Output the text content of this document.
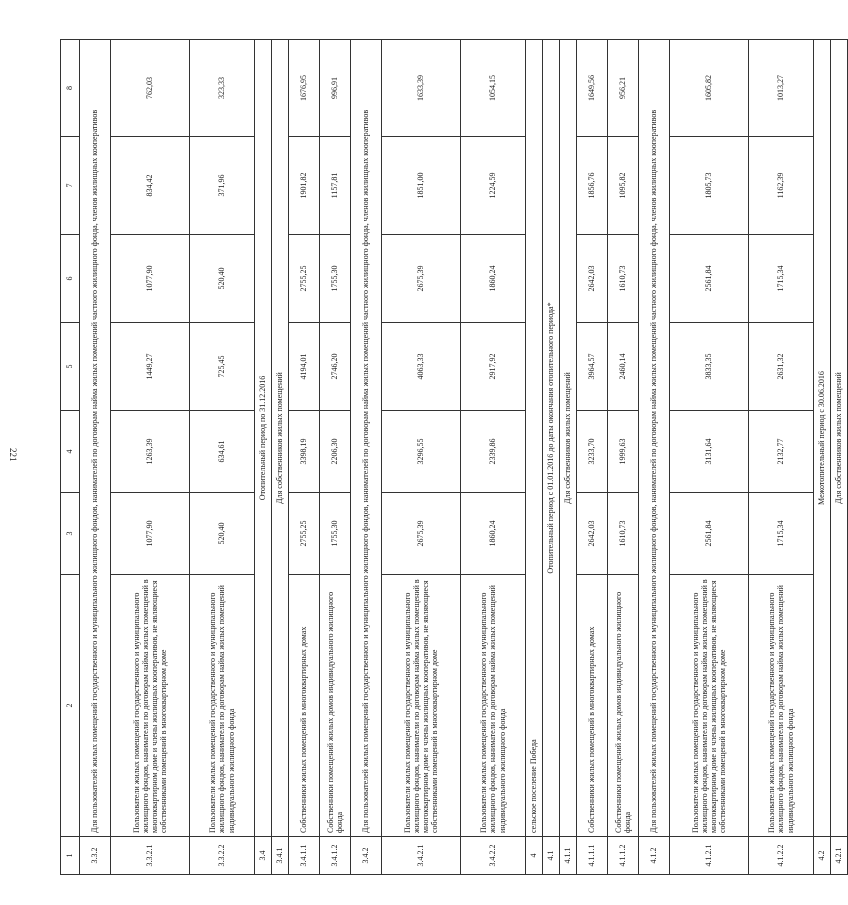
221
1	2	3	4	5	6	7	8
3.3.2	Для пользователей жилых помещений государственного и муниципального жилищного фондов, нанимателей по договорам найма жилых помещений частного жилищного фонда, членов жилищных кооперативов						
3.3.2.1	Пользователи жилых помещений государственного и муниципального жилищного фондов, наниматели по договорам найма жилых помещений в многоквартирном доме и члены жилищных кооперативов, не являющиеся собственниками помещений в многоквартирном доме	1077,90	1263,39	1449,27	1077,90	834,42	762,03
3.3.2.2	Пользователи жилых помещений государственного и муниципального жилищного фондов, наниматели по договорам найма жилых помещений индивидуального жилищного фонда	520,40	634,61	725,45	520,40	371,96	323,33
3.4	Отопительный период по 31.12.2016						
3.4.1	Для собственников жилых помещений						
3.4.1.1	Собственники жилых помещений в многоквартирных домах	2755,25	3398,19	4194,01	2755,25	1901,82	1676,95
3.4.1.2	Собственники помещений жилых домов индивидуального жилищного фонда	1755,30	2206,30	2746,20	1755,30	1157,81	996,91
3.4.2	Для пользователей жилых помещений государственного и муниципального жилищного фондов, нанимателей по договорам найма жилых помещений частного жилищного фонда, членов жилищных кооперативов						
3.4.2.1	Пользователи жилых помещений государственного и муниципального жилищного фондов, наниматели по договорам найма жилых помещений в многоквартирном доме и члены жилищных кооперативов, не являющиеся собственниками помещений в многоквартирном доме	2675,39	3296,55	4063,33	2675,39	1851,00	1633,39
3.4.2.2	Пользователи жилых помещений государственного и муниципального жилищного фондов, наниматели по договорам найма жилых помещений индивидуального жилищного фонда	1860,24	2339,86	2917,92	1860,24	1224,59	1054,15
4	сельское поселение Победа						
4.1	Отопительный период с 01.01.2016 до даты окончания отопительного периода*						
4.1.1	Для собственников жилых помещений						
4.1.1.1	Собственники жилых помещений в многоквартирных домах	2642,03	3233,70	3964,57	2642,03	1856,76	1649,56
4.1.1.2	Собственники помещений жилых домов индивидуального жилищного фонда	1610,73	1999,63	2460,14	1610,73	1095,82	956,21
4.1.2	Для пользователей жилых помещений государственного и муниципального жилищного фондов, нанимателей по договорам найма жилых помещений частного жилищного фонда, членов жилищных кооперативов						
4.1.2.1	Пользователи жилых помещений государственного и муниципального жилищного фондов, наниматели по договорам найма жилых помещений в многоквартирном доме и члены жилищных кооперативов, не являющиеся собственниками помещений в многоквартирном доме	2561,84	3131,64	3833,35	2561,84	1805,73	1605,82
4.1.2.2	Пользователи жилых помещений государственного и муниципального жилищного фондов, наниматели по договорам найма жилых помещений индивидуального жилищного фонда	1715,34	2132,77	2631,32	1715,34	1162,39	1013,27
4.2	Межотопительный период с 30.06.2016						
4.2.1	Для собственников жилых помещений						
